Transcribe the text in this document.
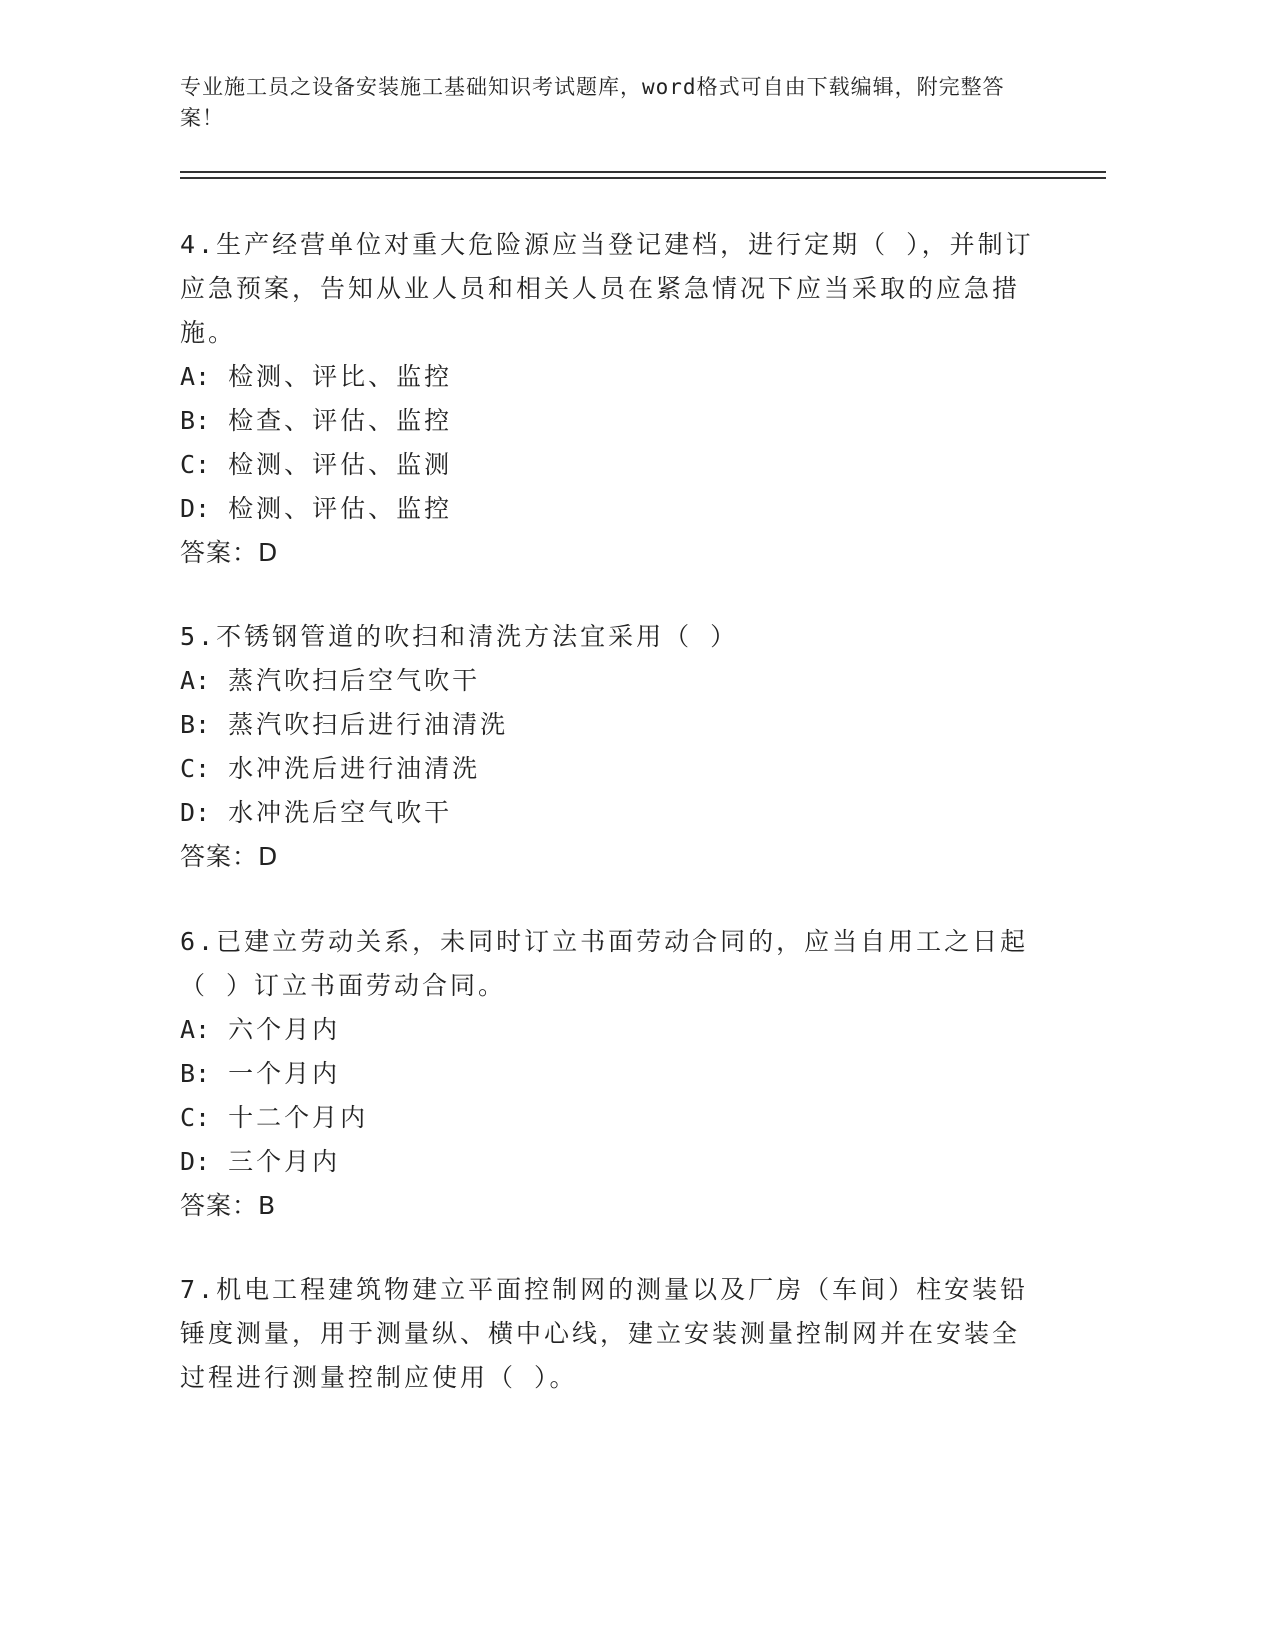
专业施工员之设备安装施工基础知识考试题库，word格式可自由下载编辑，附完整答案！
4.生产经营单位对重大危险源应当登记建档，进行定期（ ），并制订应急预案，告知从业人员和相关人员在紧急情况下应当采取的应急措施。
A: 检测、评比、监控
B: 检查、评估、监控
C: 检测、评估、监测
D: 检测、评估、监控
答案：D
5.不锈钢管道的吹扫和清洗方法宜采用（ ）
A: 蒸汽吹扫后空气吹干
B: 蒸汽吹扫后进行油清洗
C: 水冲洗后进行油清洗
D: 水冲洗后空气吹干
答案：D
6.已建立劳动关系，未同时订立书面劳动合同的，应当自用工之日起（ ）订立书面劳动合同。
A: 六个月内
B: 一个月内
C: 十二个月内
D: 三个月内
答案：B
7.机电工程建筑物建立平面控制网的测量以及厂房（车间）柱安装铅锤度测量，用于测量纵、横中心线，建立安装测量控制网并在安装全过程进行测量控制应使用（ ）。
